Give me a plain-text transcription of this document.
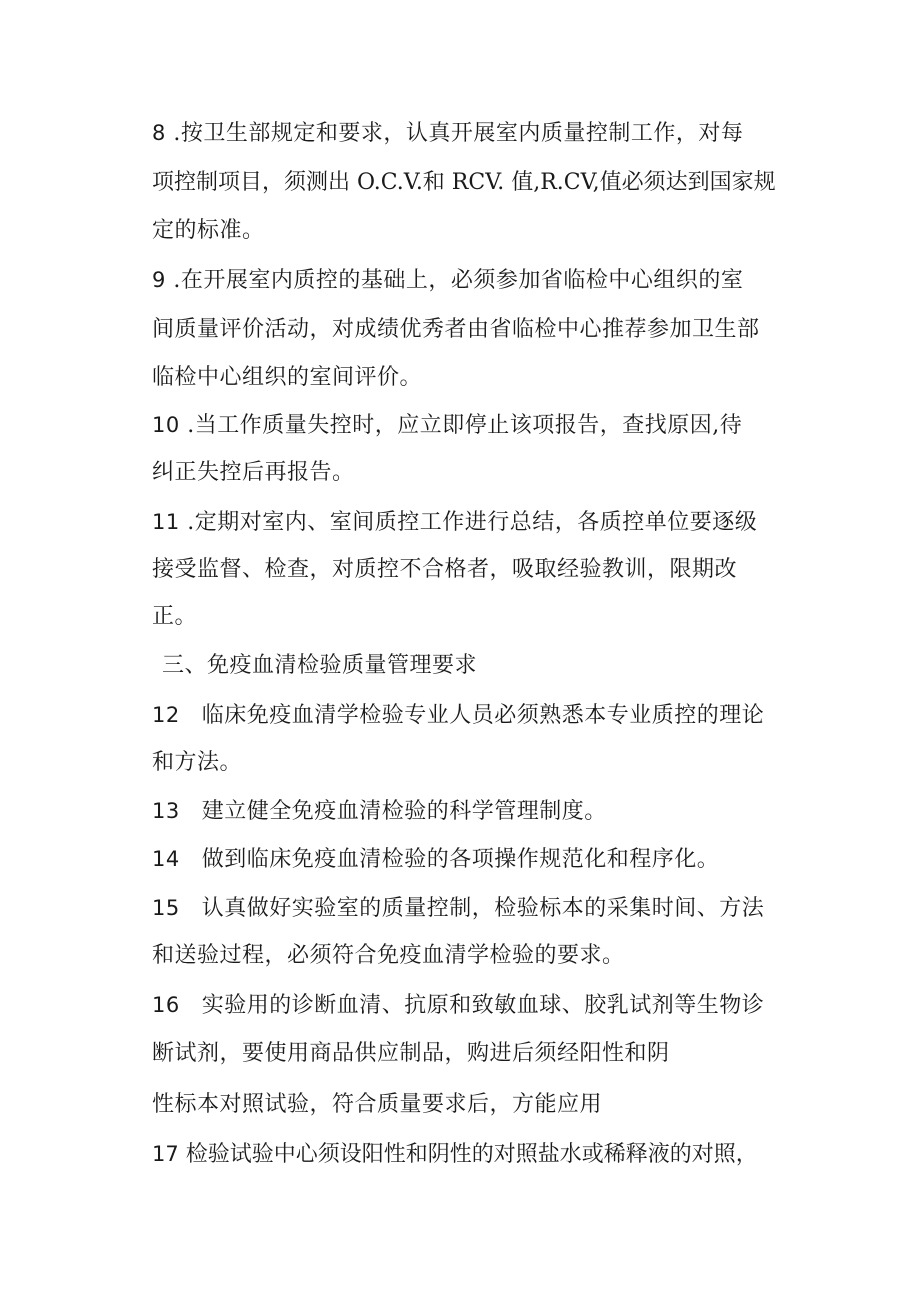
8 .按卫生部规定和要求，认真开展室内质量控制工作，对每
项控制项目，须测出 O.C.V.和 RCV. 值,R.CV,值必须达到国家规
定的标准。
9 .在开展室内质控的基础上，必须参加省临检中心组织的室
间质量评价活动，对成绩优秀者由省临检中心推荐参加卫生部
临检中心组织的室间评价。
10 .当工作质量失控时，应立即停止该项报告，查找原因,待
纠正失控后再报告。
11 .定期对室内、室间质控工作进行总结，各质控单位要逐级
接受监督、检查，对质控不合格者，吸取经验教训，限期改
正。
三、免疫血清检验质量管理要求
12 临床免疫血清学检验专业人员必须熟悉本专业质控的理论
和方法。
13 建立健全免疫血清检验的科学管理制度。
14 做到临床免疫血清检验的各项操作规范化和程序化。
15 认真做好实验室的质量控制，检验标本的采集时间、方法
和送验过程，必须符合免疫血清学检验的要求。
16 实验用的诊断血清、抗原和致敏血球、胶乳试剂等生物诊
断试剂，要使用商品供应制品，购进后须经阳性和阴
性标本对照试验，符合质量要求后，方能应用
17 检验试验中心须设阳性和阴性的对照盐水或稀释液的对照，
